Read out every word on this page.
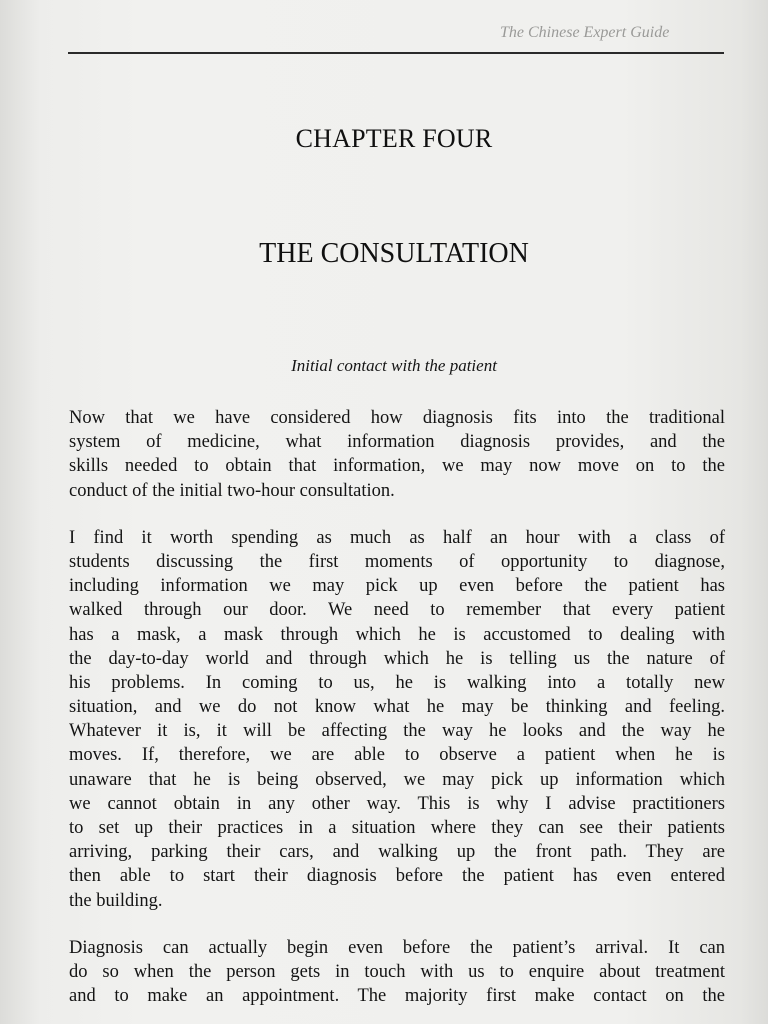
The Chinese Expert Guide
CHAPTER FOUR
THE CONSULTATION
Initial contact with the patient
Now that we have considered how diagnosis fits into the traditional
system of medicine, what information diagnosis provides, and the
skills needed to obtain that information, we may now move on to the
conduct of the initial two-hour consultation.
I find it worth spending as much as half an hour with a class of
students discussing the first moments of opportunity to diagnose,
including information we may pick up even before the patient has
walked through our door. We need to remember that every patient
has a mask, a mask through which he is accustomed to dealing with
the day-to-day world and through which he is telling us the nature of
his problems. In coming to us, he is walking into a totally new
situation, and we do not know what he may be thinking and feeling.
Whatever it is, it will be affecting the way he looks and the way he
moves. If, therefore, we are able to observe a patient when he is
unaware that he is being observed, we may pick up information which
we cannot obtain in any other way. This is why I advise practitioners
to set up their practices in a situation where they can see their patients
arriving, parking their cars, and walking up the front path. They are
then able to start their diagnosis before the patient has even entered
the building.
Diagnosis can actually begin even before the patient’s arrival. It can
do so when the person gets in touch with us to enquire about treatment
and to make an appointment. The majority first make contact on the
